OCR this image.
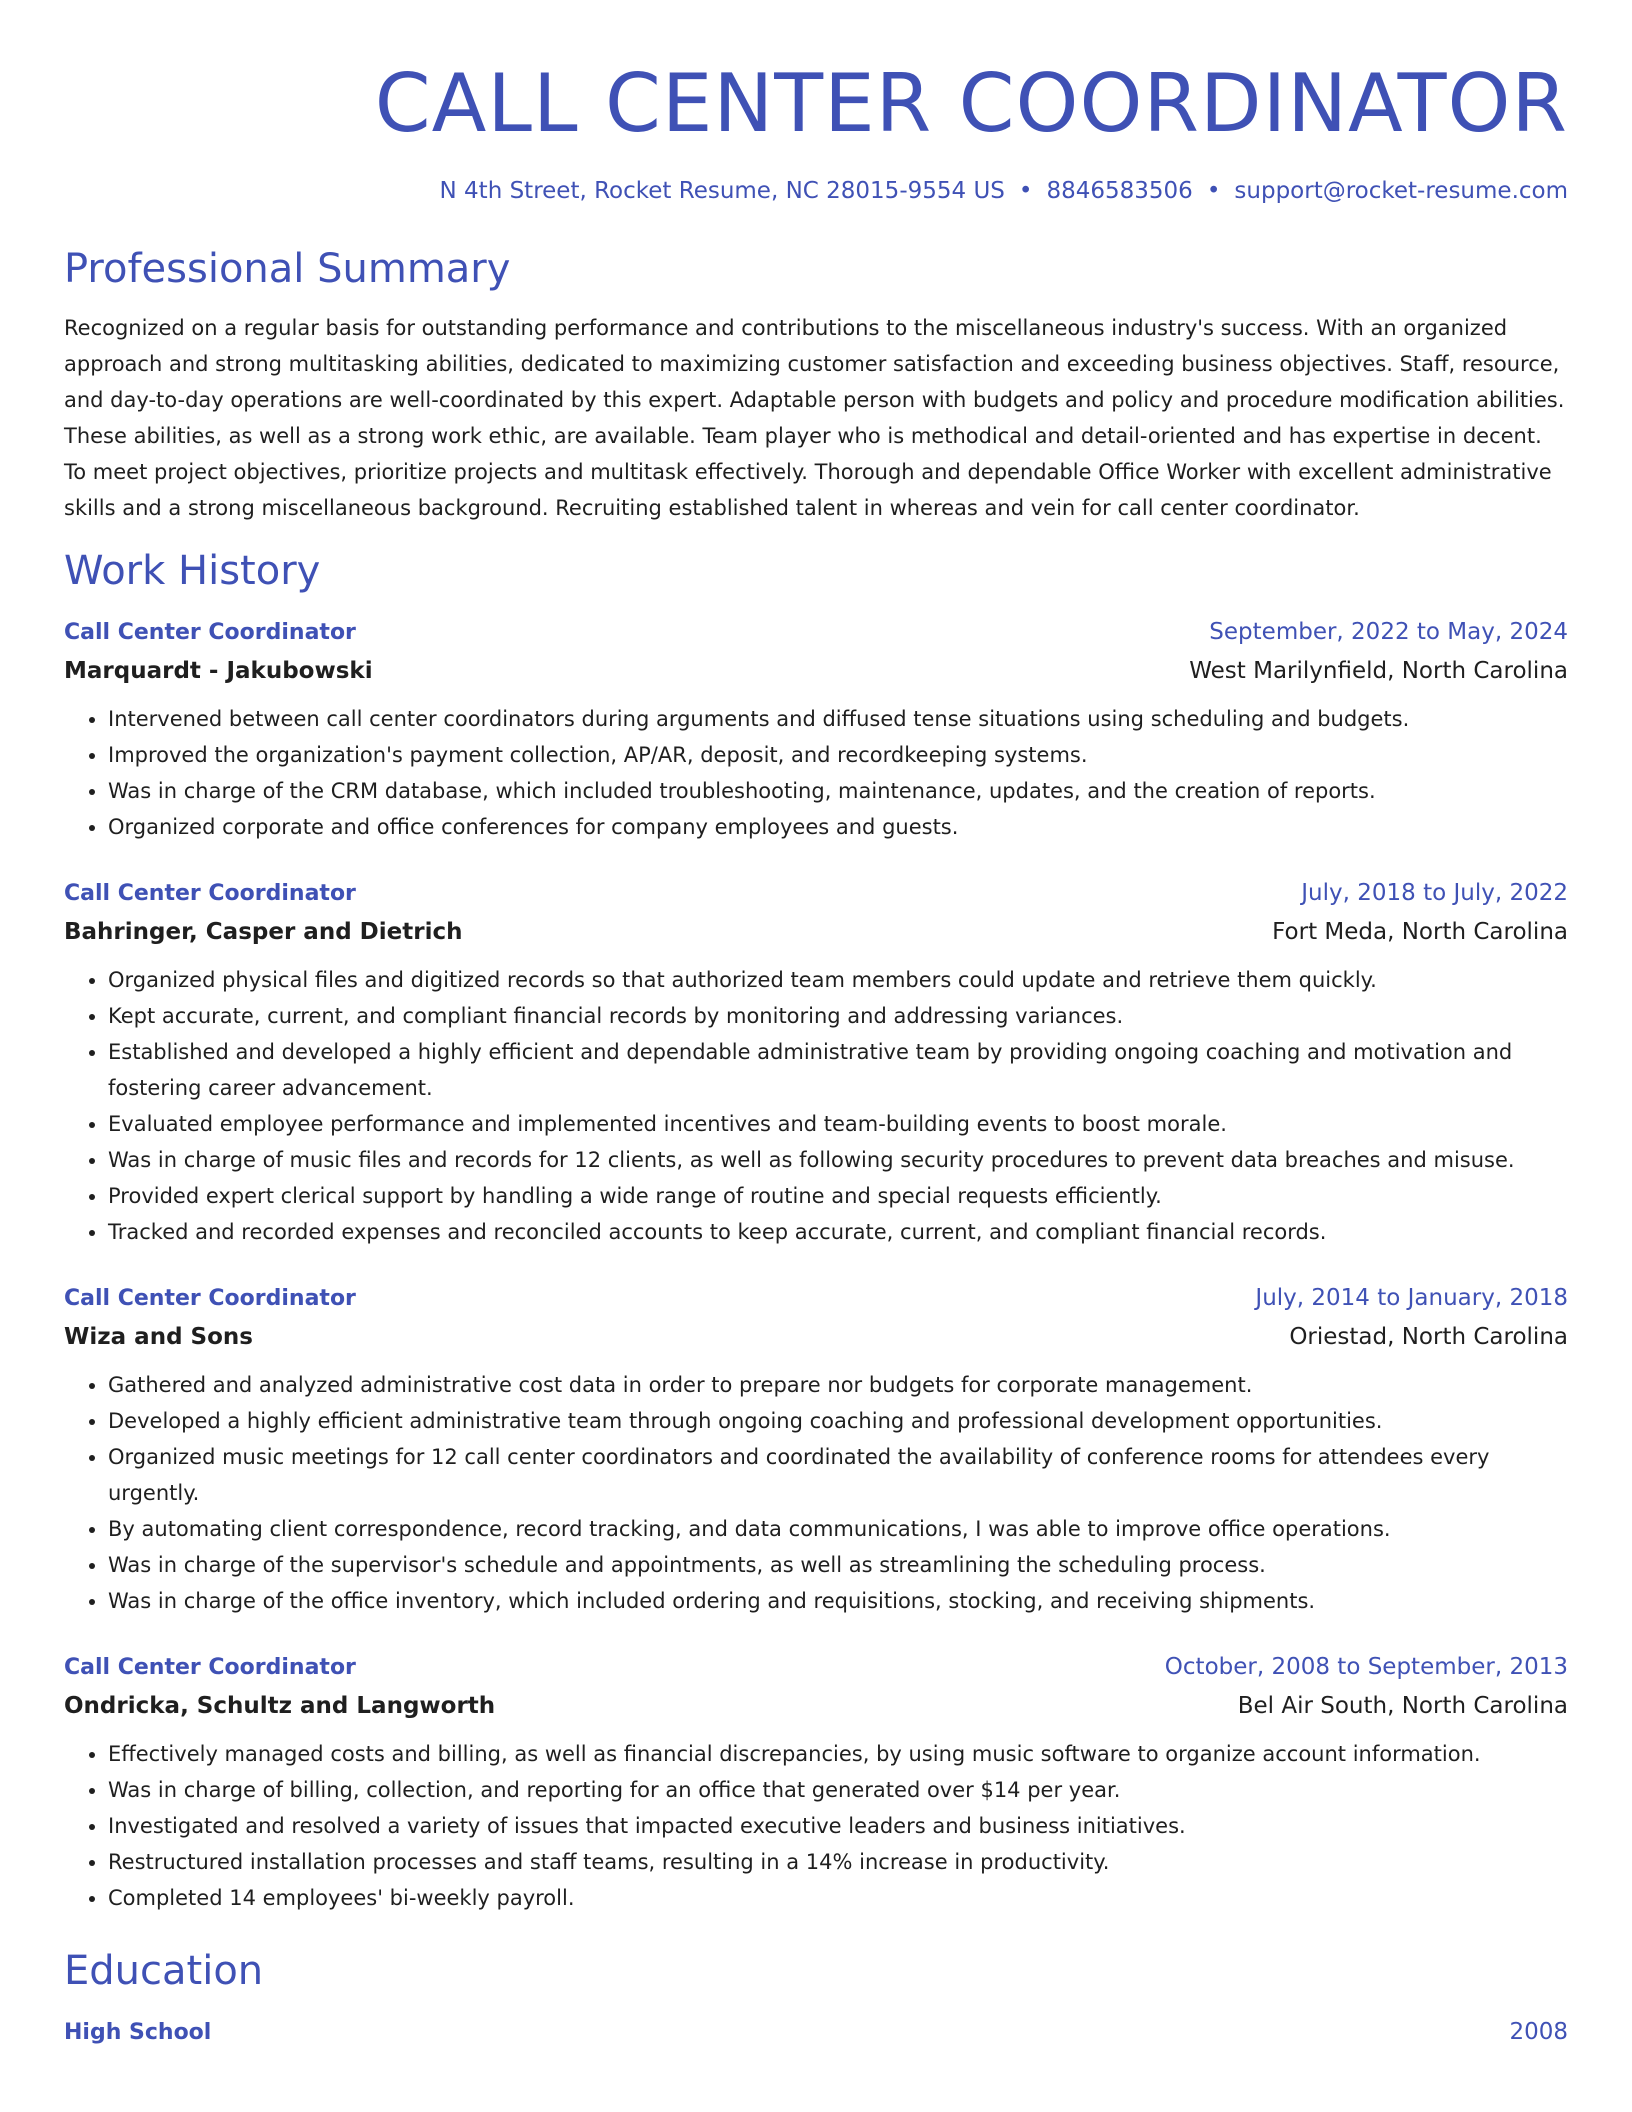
CALL CENTER COORDINATOR
N 4th Street, Rocket Resume, NC 28015-9554 US • 8846583506 • support@rocket-resume.com
Professional Summary
Recognized on a regular basis for outstanding performance and contributions to the miscellaneous industry's success. With an organized approach and strong multitasking abilities, dedicated to maximizing customer satisfaction and exceeding business objectives. Staff, resource, and day-to-day operations are well-coordinated by this expert. Adaptable person with budgets and policy and procedure modification abilities. These abilities, as well as a strong work ethic, are available. Team player who is methodical and detail-oriented and has expertise in decent. To meet project objectives, prioritize projects and multitask effectively. Thorough and dependable Office Worker with excellent administrative skills and a strong miscellaneous background. Recruiting established talent in whereas and vein for call center coordinator.
Work History
Call Center Coordinator	September, 2022 to May, 2024
Marquardt - Jakubowski	West Marilynfield, North Carolina
• Intervened between call center coordinators during arguments and diffused tense situations using scheduling and budgets.
• Improved the organization's payment collection, AP/AR, deposit, and recordkeeping systems.
• Was in charge of the CRM database, which included troubleshooting, maintenance, updates, and the creation of reports.
• Organized corporate and office conferences for company employees and guests.
Call Center Coordinator	July, 2018 to July, 2022
Bahringer, Casper and Dietrich	Fort Meda, North Carolina
• Organized physical files and digitized records so that authorized team members could update and retrieve them quickly.
• Kept accurate, current, and compliant financial records by monitoring and addressing variances.
• Established and developed a highly efficient and dependable administrative team by providing ongoing coaching and motivation and fostering career advancement.
• Evaluated employee performance and implemented incentives and team-building events to boost morale.
• Was in charge of music files and records for 12 clients, as well as following security procedures to prevent data breaches and misuse.
• Provided expert clerical support by handling a wide range of routine and special requests efficiently.
• Tracked and recorded expenses and reconciled accounts to keep accurate, current, and compliant financial records.
Call Center Coordinator	July, 2014 to January, 2018
Wiza and Sons	Oriestad, North Carolina
• Gathered and analyzed administrative cost data in order to prepare nor budgets for corporate management.
• Developed a highly efficient administrative team through ongoing coaching and professional development opportunities.
• Organized music meetings for 12 call center coordinators and coordinated the availability of conference rooms for attendees every urgently.
• By automating client correspondence, record tracking, and data communications, I was able to improve office operations.
• Was in charge of the supervisor's schedule and appointments, as well as streamlining the scheduling process.
• Was in charge of the office inventory, which included ordering and requisitions, stocking, and receiving shipments.
Call Center Coordinator	October, 2008 to September, 2013
Ondricka, Schultz and Langworth	Bel Air South, North Carolina
• Effectively managed costs and billing, as well as financial discrepancies, by using music software to organize account information.
• Was in charge of billing, collection, and reporting for an office that generated over $14 per year.
• Investigated and resolved a variety of issues that impacted executive leaders and business initiatives.
• Restructured installation processes and staff teams, resulting in a 14% increase in productivity.
• Completed 14 employees' bi-weekly payroll.
Education
High School	2008
